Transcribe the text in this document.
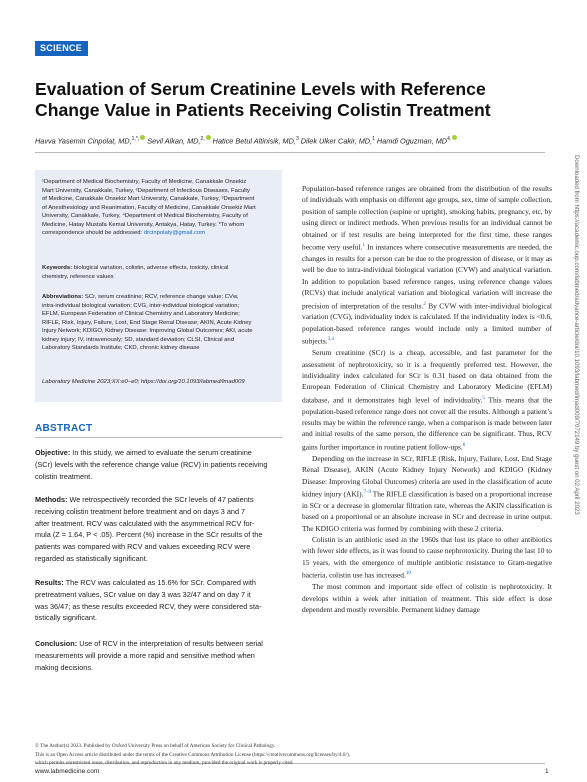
SCIENCE
Evaluation of Serum Creatinine Levels with Reference
Change Value in Patients Receiving Colistin Treatment
Havva Yasemin Cinpolat, MD,$^{1,*,}$ Sevil Alkan, MD,$^{2,}$ Hatice Betul Altinisik, MD,$^3$ Dilek Ulker Cakir, MD,$^1$ Hamdi Oguzman, $MD^{4,}$
¹Department of Medical Biochemistry, Faculty of Medicine, Canakkale Onsekiz
Mart University, Canakkale, Turkey, ²Department of Infectious Diseases, Faculty
of Medicine, Canakkale Onsekiz Mart University, Canakkale, Turkey, ³Department
of Anesthesiology and Reanimation, Faculty of Medicine, Canakkale Onsekiz Mart
University, Canakkale, Turkey, ⁴Department of Medical Biochemistry, Faculty of
Medicine, Hatay Mustafa Kemal University, Antakya, Hatay, Turkey. *To whom
correspondence should be addressed: drcinpolaty@gmail.com
Keywords: biological variation, colistin, adverse effects, toxicity, clinical
chemistry, reference values
Abbreviations: SCr, serum creatinine; RCV, reference change value; CVw,
intra-individual biological variation; CVG, inter-individual biological variation;
EFLM, European Federation of Clinical Chemistry and Laboratory Medicine;
RIFLE, Risk, Injury, Failure, Lost, End Stage Renal Disease; AKIN, Acute Kidney
Injury Network; KDIGO, Kidney Disease: Improving Global Outcomes; AKI, acute
kidney injury; IV, intravenously; SD, standard deviation; CLSI, Clinical and
Laboratory Standards Institute; CKD, chronic kidney disease
Laboratory Medicine 2023;XX:e0–e0; https://doi.org/10.1093/labmed/lmad009
ABSTRACT
Objective: In this study, we aimed to evaluate the serum creatinine
(SCr) levels with the reference change value (RCV) in patients receiving
colistin treatment.
Methods: We retrospectively recorded the SCr levels of 47 patients
receiving colistin treatment before treatment and on days 3 and 7
after treatment. RCV was calculated with the asymmetrical RCV for-
mula (Z = 1.64, P < .05). Percent (%) increase in the SCr results of the
patients was compared with RCV and values exceeding RCV were
regarded as statistically significant.
Results: The RCV was calculated as 15.6% for SCr. Compared with
pretreatment values, SCr value on day 3 was 32/47 and on day 7 it
was 36/47; as these results exceeded RCV, they were considered sta-
tistically significant.
Conclusion: Use of RCV in the interpretation of results between serial
measurements will provide a more rapid and sensitive method when
making decisions.

Population-based reference ranges are obtained from the distribution of the results of individuals with emphasis on different age groups, sex, time of sample collection, position of sample collection (supine or upright), smoking habits, pregnancy, etc, by using direct or indirect methods. When previous results for an individual cannot be obtained or if test results are being interpreted for the first time, these ranges become very useful.$^1$ In instances where consecutive measurements are needed, the changes in results for a person can be due to the progression of disease, or it may as well be due to intra-individual biological variation (CVW) and analytical variation. In addition to population based reference ranges, using reference change values (RCVs) that include analytical variation and biological variation will increase the precision of interpretation of the results.$^2$ By CVW with inter-individual biological variation (CVG), individuality index is calculated. If the individuality index is <0.6, population-based reference ranges would include only a limited number of subjects.$^{3,4}$

Serum creatinine (SCr) is a cheap, accessible, and fast parameter for the assessment of nephrotoxicity, so it is a frequently preferred test. However, the individuality index calculated for SCr is 0.31 based on data obtained from the European Federation of Clinical Chemistry and Laboratory Medicine (EFLM) database, and it demonstrates high level of individuality.$^5$ This means that the population-based reference range does not cover all the results. Although a patient’s results may be within the reference range, when a comparison is made between later and initial results of the same person, the difference can be significant. Thus, RCV gains further importance in routine patient follow-ups.$^6$

Depending on the increase in SCr, RIFLE (Risk, Injury, Failure, Lost, End Stage Renal Disease), AKIN (Acute Kidney Injury Network) and KDIGO (Kidney Disease: Improving Global Outcomes) criteria are used in the classification of acute kidney injury (AKI).$^{7-9}$ The RIFLE classification is based on a proportional increase in SCr or a decrease in glomerular filtration rate, whereas the AKIN classification is based on a proportional or an absolute increase in SCr and decrease in urine output. The KDIGO criteria was formed by combining with these 2 criteria.

Colistin is an antibiotic used in the 1960s that lost its place to other antibiotics with fewer side effects, as it was found to cause nephrotoxicity. During the last 10 to 15 years, with the emergence of multiple antibiotic resistance to Gram-negative bacteria, colistin use has increased.$^{10}$

The most common and important side effect of colistin is nephrotoxicity. It develops within a week after initiation of treatment. This side effect is dose dependent and mostly reversible. Permanent kidney damage

© The Author(s) 2023. Published by Oxford University Press on behalf of American Society for Clinical Pathology.
This is an Open Access article distributed under the terms of the Creative Commons Attribution License (https://creativecommons.org/licenses/by/4.0/),
which permits unrestricted reuse, distribution, and reproduction in any medium, provided the original work is properly cited.
www.labmedicine.com	1
Downloaded from https://academic.oup.com/labmed/advance-article/doi/10.1093/labmed/lmad009/7072149 by guest on 02 April 2023
